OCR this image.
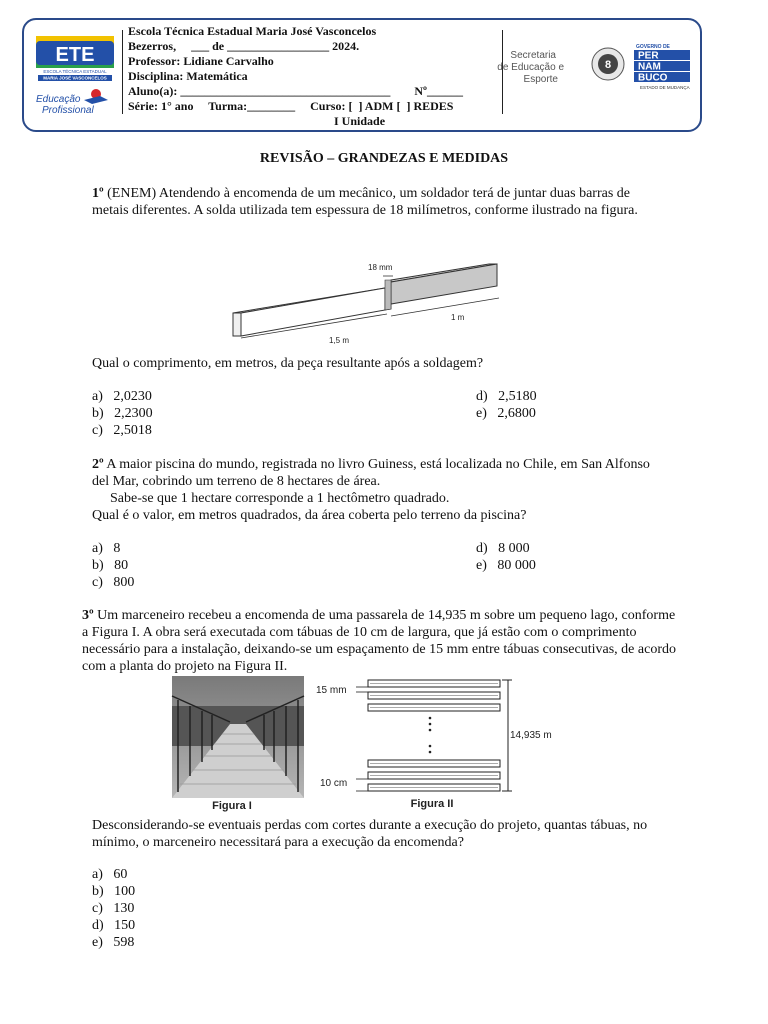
ETE
ESCOLA TÉCNICA ESTADUAL
MARIA JOSÉ VASCONCELOS
Educação
Profissional
Escola Técnica Estadual Maria José Vasconcelos
Bezerros,     ___ de _________________ 2024.
Professor: Lidiane Carvalho
Disciplina: Matemática
Aluno(a): ___________________________________        Nº______
Série: 1° ano     Turma:________ Curso: [  ] ADM [  ] REDES
I Unidade
Secretaria
de Educação e
Esporte
8
GOVERNO DE
PER
NAM
BUCO
ESTADO DE MUDANÇA
REVISÃO – GRANDEZAS E MEDIDAS
1º (ENEM) Atendendo à encomenda de um mecânico, um soldador terá de juntar duas barras de metais diferentes. A solda utilizada tem espessura de 18 milímetros, conforme ilustrado na figura.
18 mm
1 m
1,5 m
Qual o comprimento, em metros, da peça resultante após a soldagem?
a)   2,0230
b)   2,2300
c)   2,5018
d)   2,5180
e)   2,6800
2º A maior piscina do mundo, registrada no livro Guiness, está localizada no Chile, em San Alfonso del Mar, cobrindo um terreno de 8 hectares de área.
Sabe-se que 1 hectare corresponde a 1 hectômetro quadrado.
Qual é o valor, em metros quadrados, da área coberta pelo terreno da piscina?
a)   8
b)   80
c)   800
d)   8 000
e)   80 000
3º Um marceneiro recebeu a encomenda de uma passarela de 14,935 m sobre um pequeno lago, conforme a Figura I. A obra será executada com tábuas de 10 cm de largura, que já estão com o comprimento necessário para a instalação, deixando-se um espaçamento de 15 mm entre tábuas consecutivas, de acordo com a planta do projeto na Figura II.
Figura I
15 mm
10 cm
14,935 m
Figura II
Desconsiderando-se eventuais perdas com cortes durante a execução do projeto, quantas tábuas, no mínimo, o marceneiro necessitará para a execução da encomenda?
a)   60
b)   100
c)   130
d)   150
e)   598
